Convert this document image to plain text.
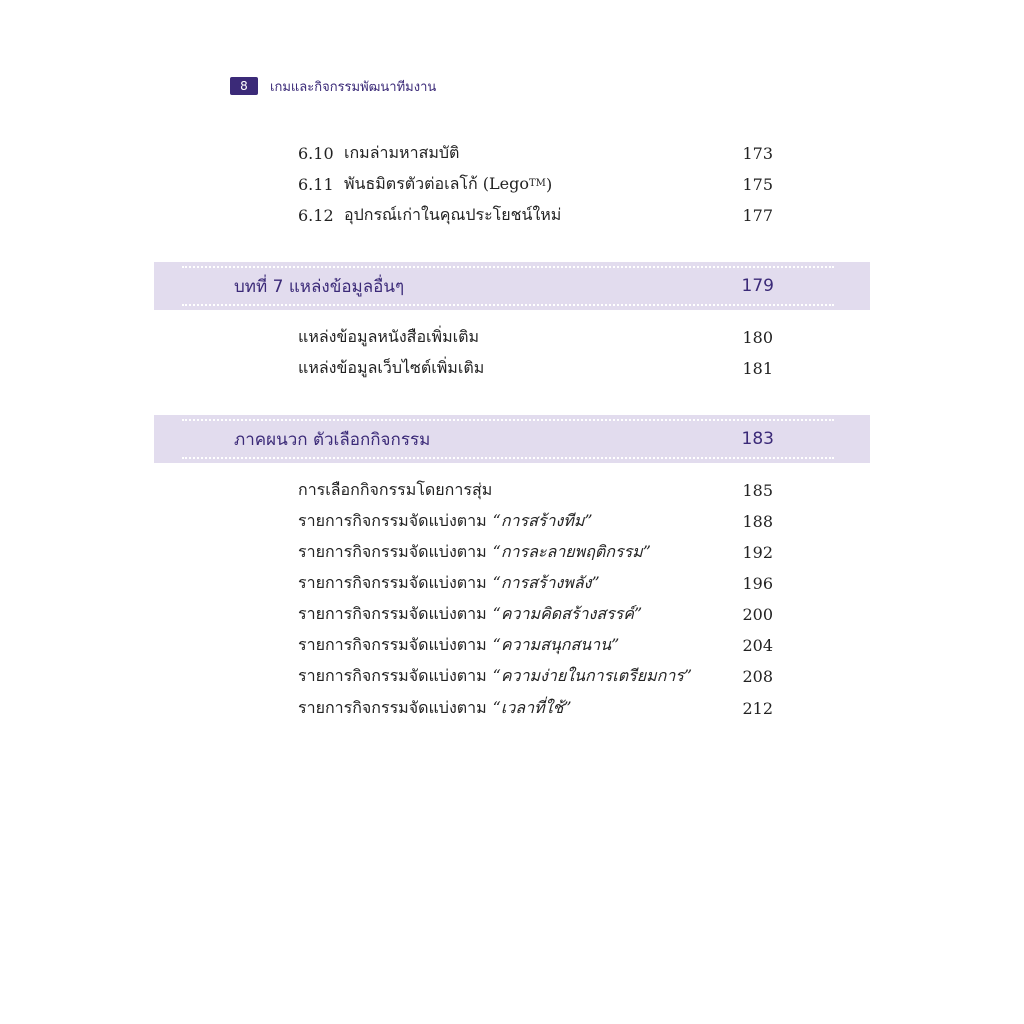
8	เกมและกิจกรรมพัฒนาทีมงาน
6.10 เกมล่ามหาสมบัติ	173
6.11 พันธมิตรตัวต่อเลโก้ (Lego TM )	175
6.12 อุปกรณ์เก่าในคุณประโยชน์ใหม่	177
บทที่ 7 แหล่งข้อมูลอื่นๆ	179
แหล่งข้อมูลหนังสือเพิ่มเติม	180
แหล่งข้อมูลเว็บไซต์เพิ่มเติม	181
ภาคผนวก ตัวเลือกกิจกรรม	183
การเลือกกิจกรรมโดยการสุ่ม	185
รายการกิจกรรมจัดแบ่งตาม “การสร้างทีม”	188
รายการกิจกรรมจัดแบ่งตาม “การละลายพฤติกรรม”	192
รายการกิจกรรมจัดแบ่งตาม “การสร้างพลัง”	196
รายการกิจกรรมจัดแบ่งตาม “ความคิดสร้างสรรค์”	200
รายการกิจกรรมจัดแบ่งตาม “ความสนุกสนาน”	204
รายการกิจกรรมจัดแบ่งตาม “ความง่ายในการเตรียมการ”	208
รายการกิจกรรมจัดแบ่งตาม “เวลาที่ใช้”	212
